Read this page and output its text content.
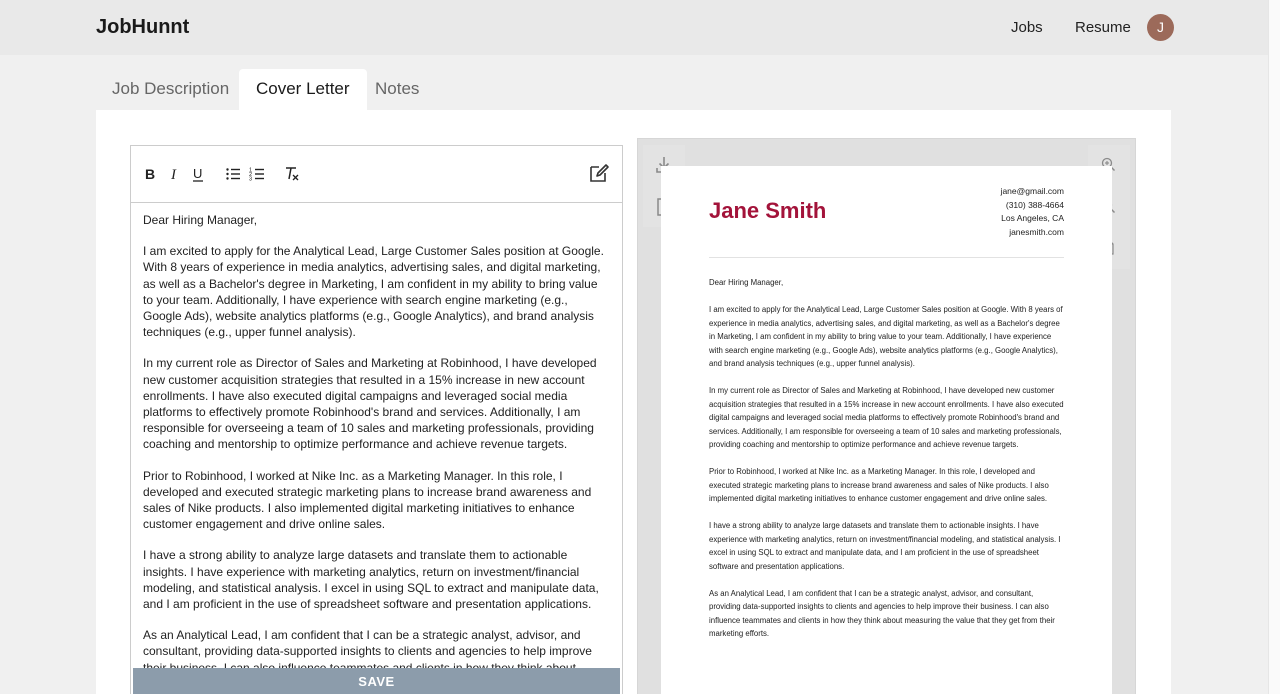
JobHunnt	Jobs Resume	J
Job Description	Cover Letter	Notes
B I U	1
2
3

Dear Hiring Manager,

I am excited to apply for the Analytical Lead, Large Customer Sales position at Google. With 8 years of experience in media analytics, advertising sales, and digital marketing, as well as a Bachelor's degree in Marketing, I am confident in my ability to bring value to your team. Additionally, I have experience with search engine marketing (e.g., Google Ads), website analytics platforms (e.g., Google Analytics), and brand analysis techniques (e.g., upper funnel analysis).

In my current role as Director of Sales and Marketing at Robinhood, I have developed new customer acquisition strategies that resulted in a 15% increase in new account enrollments. I have also executed digital campaigns and leveraged social media platforms to effectively promote Robinhood's brand and services. Additionally, I am responsible for overseeing a team of 10 sales and marketing professionals, providing coaching and mentorship to optimize performance and achieve revenue targets.

Prior to Robinhood, I worked at Nike Inc. as a Marketing Manager. In this role, I developed and executed strategic marketing plans to increase brand awareness and sales of Nike products. I also implemented digital marketing initiatives to enhance customer engagement and drive online sales.

I have a strong ability to analyze large datasets and translate them to actionable insights. I have experience with marketing analytics, return on investment/financial modeling, and statistical analysis. I excel in using SQL to extract and manipulate data, and I am proficient in the use of spreadsheet software and presentation applications.

As an Analytical Lead, I am confident that I can be a strategic analyst, advisor, and consultant, providing data-supported insights to clients and agencies to help improve

SAVE
Jane Smith
jane@gmail.com
(310) 388-4664
Los Angeles, CA
janesmith.com

Dear Hiring Manager,

I am excited to apply for the Analytical Lead, Large Customer Sales position at Google. With 8 years of experience in media analytics, advertising sales, and digital marketing, as well as a Bachelor's degree in Marketing, I am confident in my ability to bring value to your team. Additionally, I have experience with search engine marketing (e.g., Google Ads), website analytics platforms (e.g., Google Analytics), and brand analysis techniques (e.g., upper funnel analysis).

In my current role as Director of Sales and Marketing at Robinhood, I have developed new customer acquisition strategies that resulted in a 15% increase in new account enrollments. I have also executed digital campaigns and leveraged social media platforms to effectively promote Robinhood's brand and services. Additionally, I am responsible for overseeing a team of 10 sales and marketing professionals, providing coaching and mentorship to optimize performance and achieve revenue targets.

Prior to Robinhood, I worked at Nike Inc. as a Marketing Manager. In this role, I developed and executed strategic marketing plans to increase brand awareness and sales of Nike products. I also implemented digital marketing initiatives to enhance customer engagement and drive online sales.

I have a strong ability to analyze large datasets and translate them to actionable insights. I have experience with marketing analytics, return on investment/financial modeling, and statistical analysis. I excel in using SQL to extract and manipulate data, and I am proficient in the use of spreadsheet software and presentation applications.

As an Analytical Lead, I am confident that I can be a strategic analyst, advisor, and consultant, providing data-supported insights to clients and agencies to help improve their business. I can also influence teammates and clients in how they think about measuring the value that they get from their marketing efforts.
